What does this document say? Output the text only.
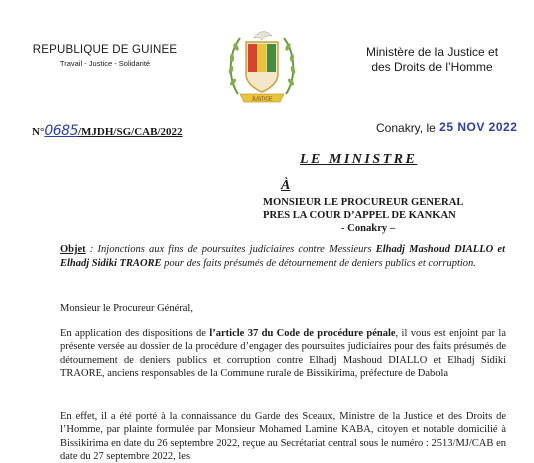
REPUBLIQUE DE GUINEE
Travail - Justice - Solidarité
JUSTICE
Ministère de la Justice et
des Droits de l’Homme
N°0685/MJDH/SG/CAB/2022	Conakry, le 25 NOV 2022
LE MINISTRE
À
MONSIEUR LE PROCUREUR GENERAL
PRES LA COUR D’APPEL DE KANKAN
- Conakry –
Objet : Injonctions aux fins de poursuites judiciaires contre Messieurs Elhadj Mashoud DIALLO et Elhadj Sidiki TRAORE pour des faits présumés de détournement de deniers publics et corruption.
Monsieur le Procureur Général,
En application des dispositions de l’article 37 du Code de procédure pénale, il vous est enjoint par la présente versée au dossier de la procédure d’engager des poursuites judiciaires pour des faits présumés de détournement de deniers publics et corruption contre Elhadj Mashoud DIALLO et Elhadj Sidiki TRAORE, anciens responsables de la Commune rurale de Bissikirima, préfecture de Dabola
En effet, il a été porté à la connaissance du Garde des Sceaux, Ministre de la Justice et des Droits de l’Homme, par plainte formulée par Monsieur Mohamed Lamine KABA, citoyen et notable domicilié à Bissikirima en date du 26 septembre 2022, reçue au Secrétariat central sous le numéro : 2513/MJ/CAB en date du 27 septembre 2022, les
